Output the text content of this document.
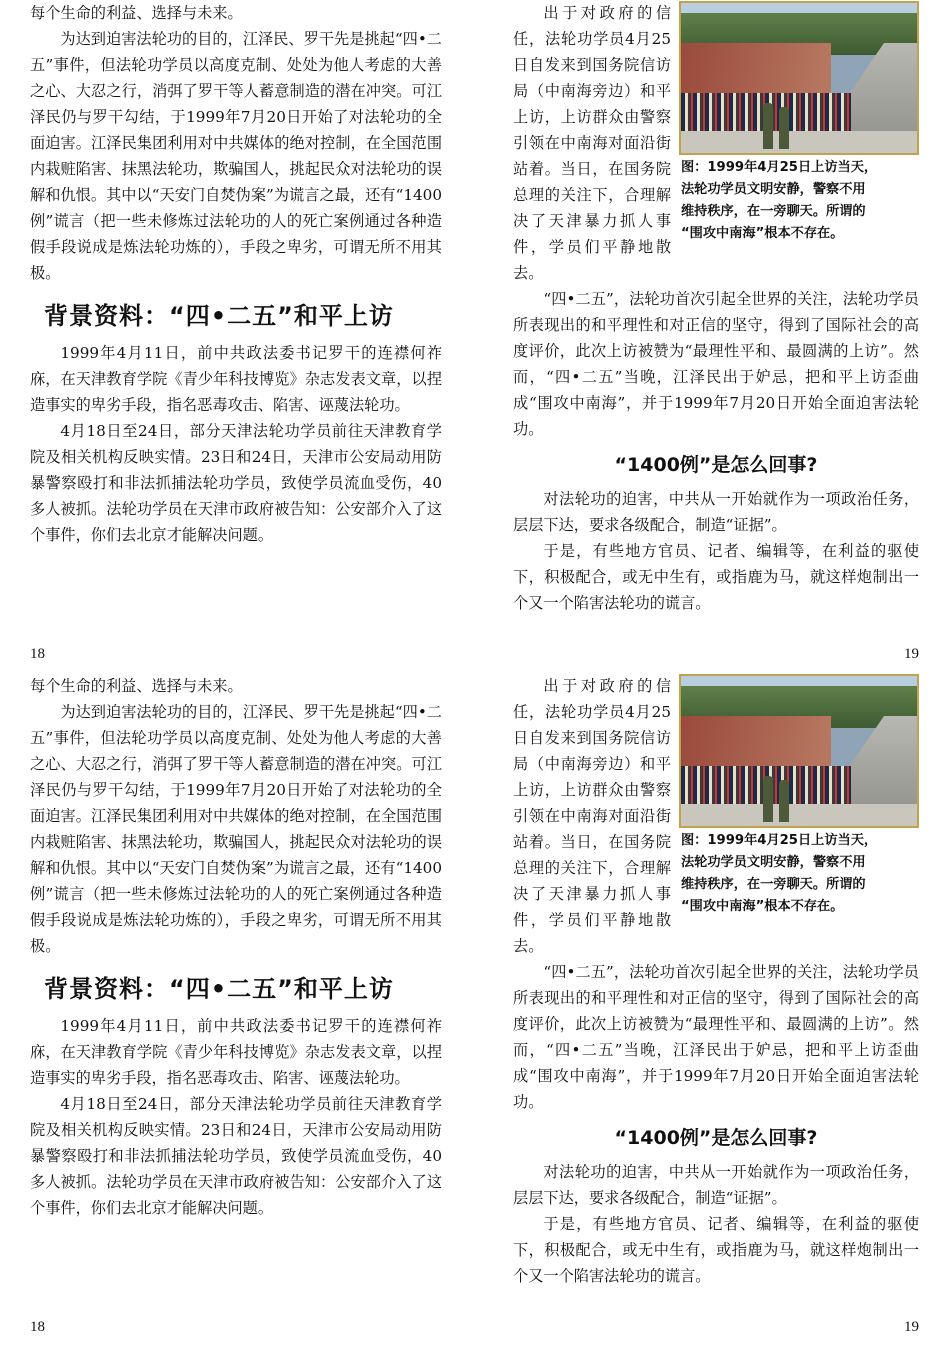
每个生命的利益、选择与未来。

为达到迫害法轮功的目的，江泽民、罗干先是挑起“四•二五”事件，但法轮功学员以高度克制、处处为他人考虑的大善之心、大忍之行，消弭了罗干等人蓄意制造的潜在冲突。可江泽民仍与罗干勾结，于1999年7月20日开始了对法轮功的全面迫害。江泽民集团利用对中共媒体的绝对控制，在全国范围内栽赃陷害、抹黑法轮功，欺骗国人，挑起民众对法轮功的误解和仇恨。其中以“天安门自焚伪案”为谎言之最，还有“1400例”谎言（把一些未修炼过法轮功的人的死亡案例通过各种造假手段说成是炼法轮功炼的），手段之卑劣，可谓无所不用其极。

背景资料：“四•二五”和平上访

1999年4月11日，前中共政法委书记罗干的连襟何祚庥，在天津教育学院《青少年科技博览》杂志发表文章，以捏造事实的卑劣手段，指名恶毒攻击、陷害、诬蔑法轮功。

4月18日至24日，部分天津法轮功学员前往天津教育学院及相关机构反映实情。23日和24日，天津市公安局动用防暴警察殴打和非法抓捕法轮功学员，致使学员流血受伤，40多人被抓。法轮功学员在天津市政府被告知：公安部介入了这个事件，你们去北京才能解决问题。

18
图：1999年4月25日上访当天，
法轮功学员文明安静，警察不用
维持秩序，在一旁聊天。所谓的
“围攻中南海”根本不存在。

出于对政府的信任，法轮功学员4月25日自发来到国务院信访局（中南海旁边）和平上访，上访群众由警察引领在中南海对面沿街站着。当日，在国务院总理的关注下，合理解决了天津暴力抓人事件，学员们平静地散去。

“四•二五”，法轮功首次引起全世界的关注，法轮功学员所表现出的和平理性和对正信的坚守，得到了国际社会的高度评价，此次上访被赞为“最理性平和、最圆满的上访”。然而，“四•二五”当晚，江泽民出于妒忌，把和平上访歪曲成“围攻中南海”，并于1999年7月20日开始全面迫害法轮功。

“1400例”是怎么回事?

对法轮功的迫害，中共从一开始就作为一项政治任务，层层下达，要求各级配合，制造“证据”。

于是，有些地方官员、记者、编辑等，在利益的驱使下，积极配合，或无中生有，或指鹿为马，就这样炮制出一个又一个陷害法轮功的谎言。

19

每个生命的利益、选择与未来。

为达到迫害法轮功的目的，江泽民、罗干先是挑起“四•二五”事件，但法轮功学员以高度克制、处处为他人考虑的大善之心、大忍之行，消弭了罗干等人蓄意制造的潜在冲突。可江泽民仍与罗干勾结，于1999年7月20日开始了对法轮功的全面迫害。江泽民集团利用对中共媒体的绝对控制，在全国范围内栽赃陷害、抹黑法轮功，欺骗国人，挑起民众对法轮功的误解和仇恨。其中以“天安门自焚伪案”为谎言之最，还有“1400例”谎言（把一些未修炼过法轮功的人的死亡案例通过各种造假手段说成是炼法轮功炼的），手段之卑劣，可谓无所不用其极。

背景资料：“四•二五”和平上访

1999年4月11日，前中共政法委书记罗干的连襟何祚庥，在天津教育学院《青少年科技博览》杂志发表文章，以捏造事实的卑劣手段，指名恶毒攻击、陷害、诬蔑法轮功。

4月18日至24日，部分天津法轮功学员前往天津教育学院及相关机构反映实情。23日和24日，天津市公安局动用防暴警察殴打和非法抓捕法轮功学员，致使学员流血受伤，40多人被抓。法轮功学员在天津市政府被告知：公安部介入了这个事件，你们去北京才能解决问题。

18
图：1999年4月25日上访当天，
法轮功学员文明安静，警察不用
维持秩序，在一旁聊天。所谓的
“围攻中南海”根本不存在。

出于对政府的信任，法轮功学员4月25日自发来到国务院信访局（中南海旁边）和平上访，上访群众由警察引领在中南海对面沿街站着。当日，在国务院总理的关注下，合理解决了天津暴力抓人事件，学员们平静地散去。

“四•二五”，法轮功首次引起全世界的关注，法轮功学员所表现出的和平理性和对正信的坚守，得到了国际社会的高度评价，此次上访被赞为“最理性平和、最圆满的上访”。然而，“四•二五”当晚，江泽民出于妒忌，把和平上访歪曲成“围攻中南海”，并于1999年7月20日开始全面迫害法轮功。

“1400例”是怎么回事?

对法轮功的迫害，中共从一开始就作为一项政治任务，层层下达，要求各级配合，制造“证据”。

于是，有些地方官员、记者、编辑等，在利益的驱使下，积极配合，或无中生有，或指鹿为马，就这样炮制出一个又一个陷害法轮功的谎言。

19
